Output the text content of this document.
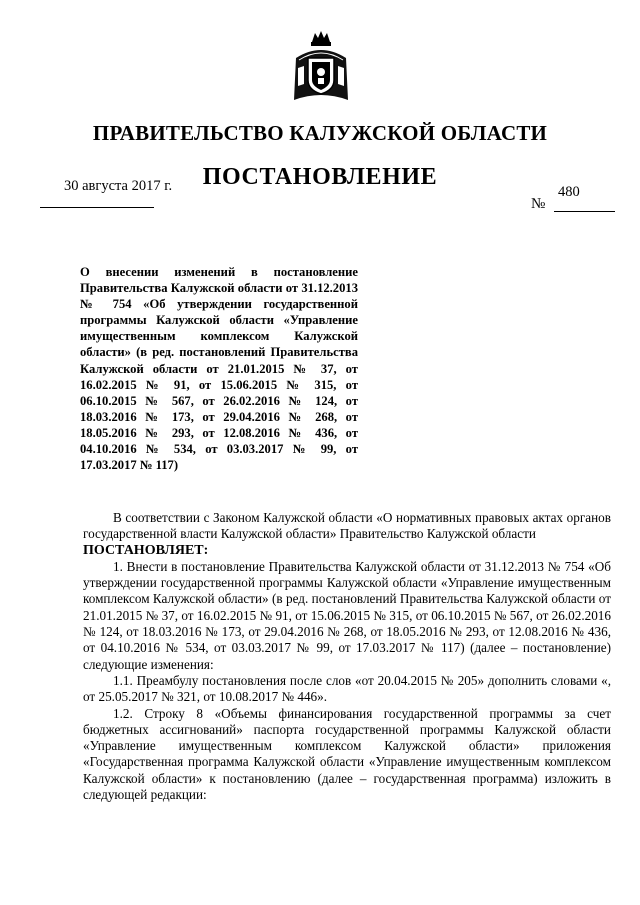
ПРАВИТЕЛЬСТВО КАЛУЖСКОЙ ОБЛАСТИ
30 августа 2017 г.	ПОСТАНОВЛЕНИЕ
480
№
О внесении изменений в постановление Правительства Калужской области от 31.12.2013 № 754 «Об утверждении государственной программы Калужской области «Управление имущественным комплексом Калужской области» (в ред. постановлений Правительства Калужской области от 21.01.2015 № 37, от 16.02.2015 № 91, от 15.06.2015 № 315, от 06.10.2015 № 567, от 26.02.2016 № 124, от 18.03.2016 № 173, от 29.04.2016 № 268, от 18.05.2016 № 293, от 12.08.2016 № 436, от 04.10.2016 № 534, от 03.03.2017 № 99, от 17.03.2017 № 117)

В соответствии с Законом Калужской области «О нормативных правовых актах органов государственной власти Калужской области» Правительство Калужской области

ПОСТАНОВЛЯЕТ:

1. Внести в постановление Правительства Калужской области от 31.12.2013 № 754 «Об утверждении государственной программы Калужской области «Управление имущественным комплексом Калужской области» (в ред. постановлений Правительства Калужской области от 21.01.2015 № 37, от 16.02.2015 № 91, от 15.06.2015 № 315, от 06.10.2015 № 567, от 26.02.2016 № 124, от 18.03.2016 № 173, от 29.04.2016 № 268, от 18.05.2016 № 293, от 12.08.2016 № 436, от 04.10.2016 № 534, от 03.03.2017 № 99, от 17.03.2017 № 117) (далее – постановление) следующие изменения:

1.1. Преамбулу постановления после слов «от 20.04.2015 № 205» дополнить словами «, от 25.05.2017 № 321, от 10.08.2017 № 446».

1.2. Строку 8 «Объемы финансирования государственной программы за счет бюджетных ассигнований» паспорта государственной программы Калужской области «Управление имущественным комплексом Калужской области» приложения «Государственная программа Калужской области «Управление имущественным комплексом Калужской области» к постановлению (далее – государственная программа) изложить в следующей редакции:
